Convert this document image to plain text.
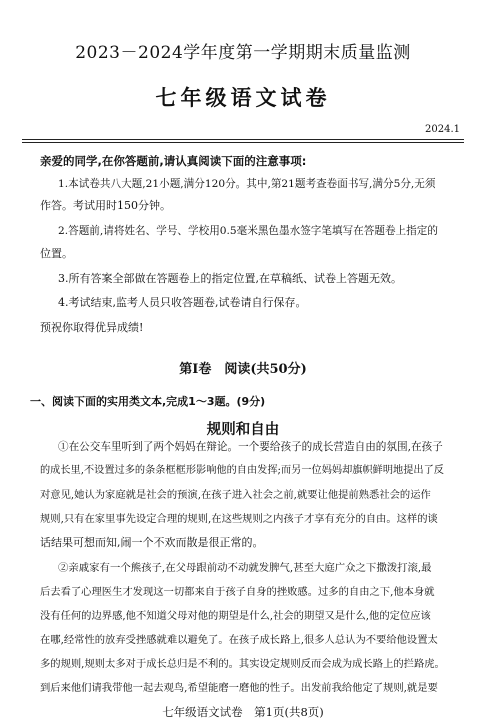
2023－2024学年度第一学期期末质量监测
七年级语文试卷
2024.1
亲爱的同学,在你答题前,请认真阅读下面的注意事项:
1.本试卷共八大题,21小题,满分120分。其中,第21题考查卷面书写,满分5分,无须
作答。考试用时150分钟。
2.答题前,请将姓名、学号、学校用0.5毫米黑色墨水签字笔填写在答题卷上指定的
位置。
3.所有答案全部做在答题卷上的指定位置,在草稿纸、试卷上答题无效。
4.考试结束,监考人员只收答题卷,试卷请自行保存。
预祝你取得优异成绩!
第Ⅰ卷　阅读(共50分)
一、阅读下面的实用类文本,完成1～3题。(9分)
规则和自由
①在公交车里听到了两个妈妈在辩论。一个要给孩子的成长营造自由的氛围,在孩子
的成长里,不设置过多的条条框框形影响他的自由发挥;而另一位妈妈却旗帜鲜明地提出了反
对意见,她认为家庭就是社会的预演,在孩子进入社会之前,就要让他提前熟悉社会的运作
规则,只有在家里事先设定合理的规则,在这些规则之内孩子才享有充分的自由。这样的谈
话结果可想而知,闹一个不欢而散是很正常的。
②亲戚家有一个熊孩子,在父母跟前动不动就发脾气,甚至大庭广众之下撒泼打滚,最
后去看了心理医生才发现这一切都来自于孩子自身的挫败感。过多的自由之下,他本身就
没有任何的边界感,他不知道父母对他的期望是什么,社会的期望又是什么,他的定位应该
在哪,经常性的放弃受挫感就难以避免了。在孩子成长路上,很多人总认为不要给他设置太
多的规则,规则太多对于成长总归是不利的。其实设定规则反而会成为成长路上的拦路虎。
到后来他们请我带他一起去观鸟,希望能磨一磨他的性子。出发前我给他定了规则,就是要
七年级语文试卷　第1页(共8页)
